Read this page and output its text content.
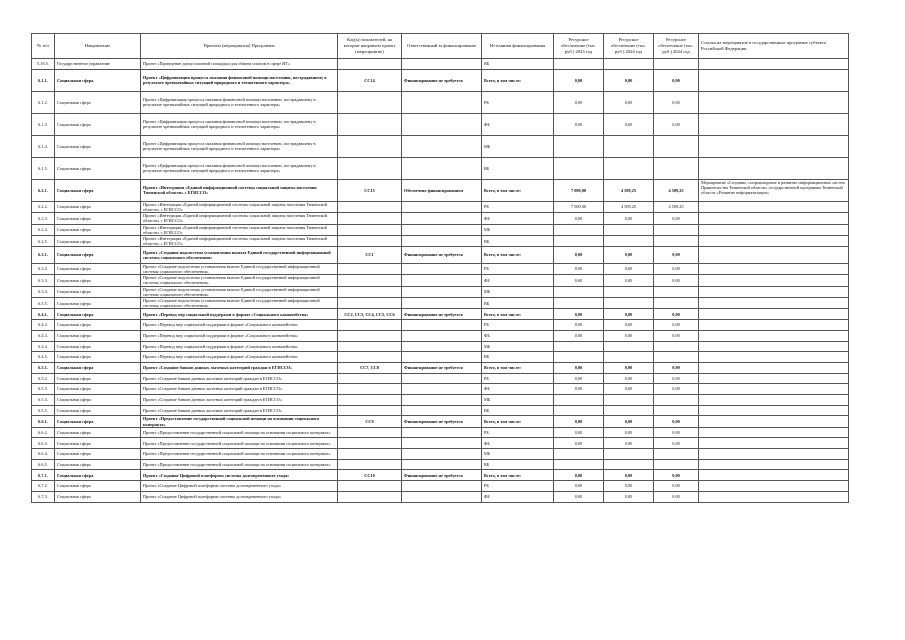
№ п/п	Направление	Проекты (мероприятия) Программы	Код(ы) показателей, на которые направлен проект (мероприятие)	Ответственный за финансирование	Источники финансирования	Ресурсное обеспечение (тыс. руб.) 2023 год	Ресурсное обеспечение (тыс. руб.) 2024 год	Ресурсное обеспечение (тыс. руб.) 2024 год	Ссылка на мероприятие в государственные программе субъекта Российской Федерации
5.16.5.	Государственное управление	Проект «Проведение дискуссионной площадки для обмена опытом в сфере ИТ»			ВБ				
6.1.1.	Социальная сфера	Проект «Цифровизация процесса оказания финансовой помощи населению, пострадавшему в результате чрезвычайных ситуаций природного и техногенного характера»	СС14	Финансирование не требуется	Всего, в том числе:	0,00	0,00	0,00	
6.1.2.	Социальная сфера	Проект «Цифровизация процесса оказания финансовой помощи населению, пострадавшему в результате чрезвычайных ситуаций природного и техногенного характера»			РБ	0,00	0,00	0,00	
6.1.3.	Социальная сфера	Проект «Цифровизация процесса оказания финансовой помощи населению, пострадавшему в результате чрезвычайных ситуаций природного и техногенного характера»			ФБ	0,00	0,00	0,00	
6.1.4.	Социальная сфера	Проект «Цифровизация процесса оказания финансовой помощи населению, пострадавшему в результате чрезвычайных ситуаций природного и техногенного характера»			МБ				
6.1.5.	Социальная сфера	Проект «Цифровизация процесса оказания финансовой помощи населению, пострадавшему в результате чрезвычайных ситуаций природного и техногенного характера»			ВБ				
6.2.1.	Социальная сфера	Проект «Интеграция «Единой информационной системы социальной защиты населения Тюменской области» с ЕГИССО»	СС15	Обеспечено финансированием	Всего, в том числе:	7 000,00	4 509,25	4 509,25	Мероприятие «Создание, сопровождение и развитие информационных систем Правительства Тюменской области» государственной программы Тюменской области «Развитие информатизации»
6.2.2.	Социальная сфера	Проект «Интеграция «Единой информационной системы социальной защиты населения Тюменской области» с ЕГИССО»			РБ	7 000,00	4 509,25	4 509,25	
6.2.3.	Социальная сфера	Проект «Интеграция «Единой информационной системы социальной защиты населения Тюменской области» с ЕГИССО»			ФБ	0,00	0,00	0,00	
6.2.4.	Социальная сфера	Проект «Интеграция «Единой информационной системы социальной защиты населения Тюменской области» с ЕГИССО»			МБ				
6.2.5.	Социальная сфера	Проект «Интеграция «Единой информационной системы социальной защиты населения Тюменской области» с ЕГИССО»			ВБ				
6.3.1.	Социальная сфера	Проект «Создание подсистемы установления выплат Единой государственной информационной системы социального обеспечения»	СС1	Финансирование не требуется	Всего, в том числе:	0,00	0,00	0,00	
6.3.2.	Социальная сфера	Проект «Создание подсистемы установления выплат Единой государственной информационной системы социального обеспечения»			РБ	0,00	0,00	0,00	
6.3.3.	Социальная сфера	Проект «Создание подсистемы установления выплат Единой государственной информационной системы социального обеспечения»			ФБ	0,00	0,00	0,00	
6.3.4.	Социальная сфера	Проект «Создание подсистемы установления выплат Единой государственной информационной системы социального обеспечения»			МБ				
6.3.5.	Социальная сфера	Проект «Создание подсистемы установления выплат Единой государственной информационной системы социального обеспечения»			ВБ				
6.4.1.	Социальная сфера	Проект «Перевод мер социальной поддержки в формат «Социального казначейства»	СС2, СС3, СС4, СС5, СС6	Финансирование не требуется	Всего, в том числе:	0,00	0,00	0,00	
6.4.2.	Социальная сфера	Проект «Перевод мер социальной поддержки в формат «Социального казначейства»			РБ	0,00	0,00	0,00	
6.4.3.	Социальная сфера	Проект «Перевод мер социальной поддержки в формат «Социального казначейства»			ФБ	0,00	0,00	0,00	
6.4.4.	Социальная сфера	Проект «Перевод мер социальной поддержки в формат «Социального казначейства»			МБ				
6.4.5.	Социальная сфера	Проект «Перевод мер социальной поддержки в формат «Социального казначейства»			ВБ				
6.5.1.	Социальная сфера	Проект «Создание банков данных льготных категорий граждан в ЕГИССО»	СС7, СС8	Финансирование не требуется	Всего, в том числе:	0,00	0,00	0,00	
6.5.2.	Социальная сфера	Проект «Создание банков данных льготных категорий граждан в ЕГИССО»			РБ	0,00	0,00	0,00	
6.5.3.	Социальная сфера	Проект «Создание банков данных льготных категорий граждан в ЕГИССО»			ФБ	0,00	0,00	0,00	
6.5.4.	Социальная сфера	Проект «Создание банков данных льготных категорий граждан в ЕГИССО»			МБ				
6.5.5.	Социальная сфера	Проект «Создание банков данных льготных категорий граждан в ЕГИССО»			ВБ				
6.6.1.	Социальная сфера	Проект «Предоставление государственной социальной помощи на основании социального контракта»	СС9	Финансирование не требуется	Всего, в том числе:	0,00	0,00	0,00	
6.6.2.	Социальная сфера	Проект «Предоставление государственной социальной помощи на основании социального контракта»			РБ	0,00	0,00	0,00	
6.6.3.	Социальная сфера	Проект «Предоставление государственной социальной помощи на основании социального контракта»			ФБ	0,00	0,00	0,00	
6.6.4.	Социальная сфера	Проект «Предоставление государственной социальной помощи на основании социального контракта»			МБ				
6.6.5.	Социальная сфера	Проект «Предоставление государственной социальной помощи на основании социального контракта»			ВБ				
6.7.1.	Социальная сфера	Проект «Создание Цифровой платформы системы долговременного ухода»	СС10	Финансирование не требуется	Всего, в том числе:	0,00	0,00	0,00	
6.7.2.	Социальная сфера	Проект «Создание Цифровой платформы системы долговременного ухода»			РБ	0,00	0,00	0,00	
6.7.3.	Социальная сфера	Проект «Создание Цифровой платформы системы долговременного ухода»			ФБ	0,00	0,00	0,00	
